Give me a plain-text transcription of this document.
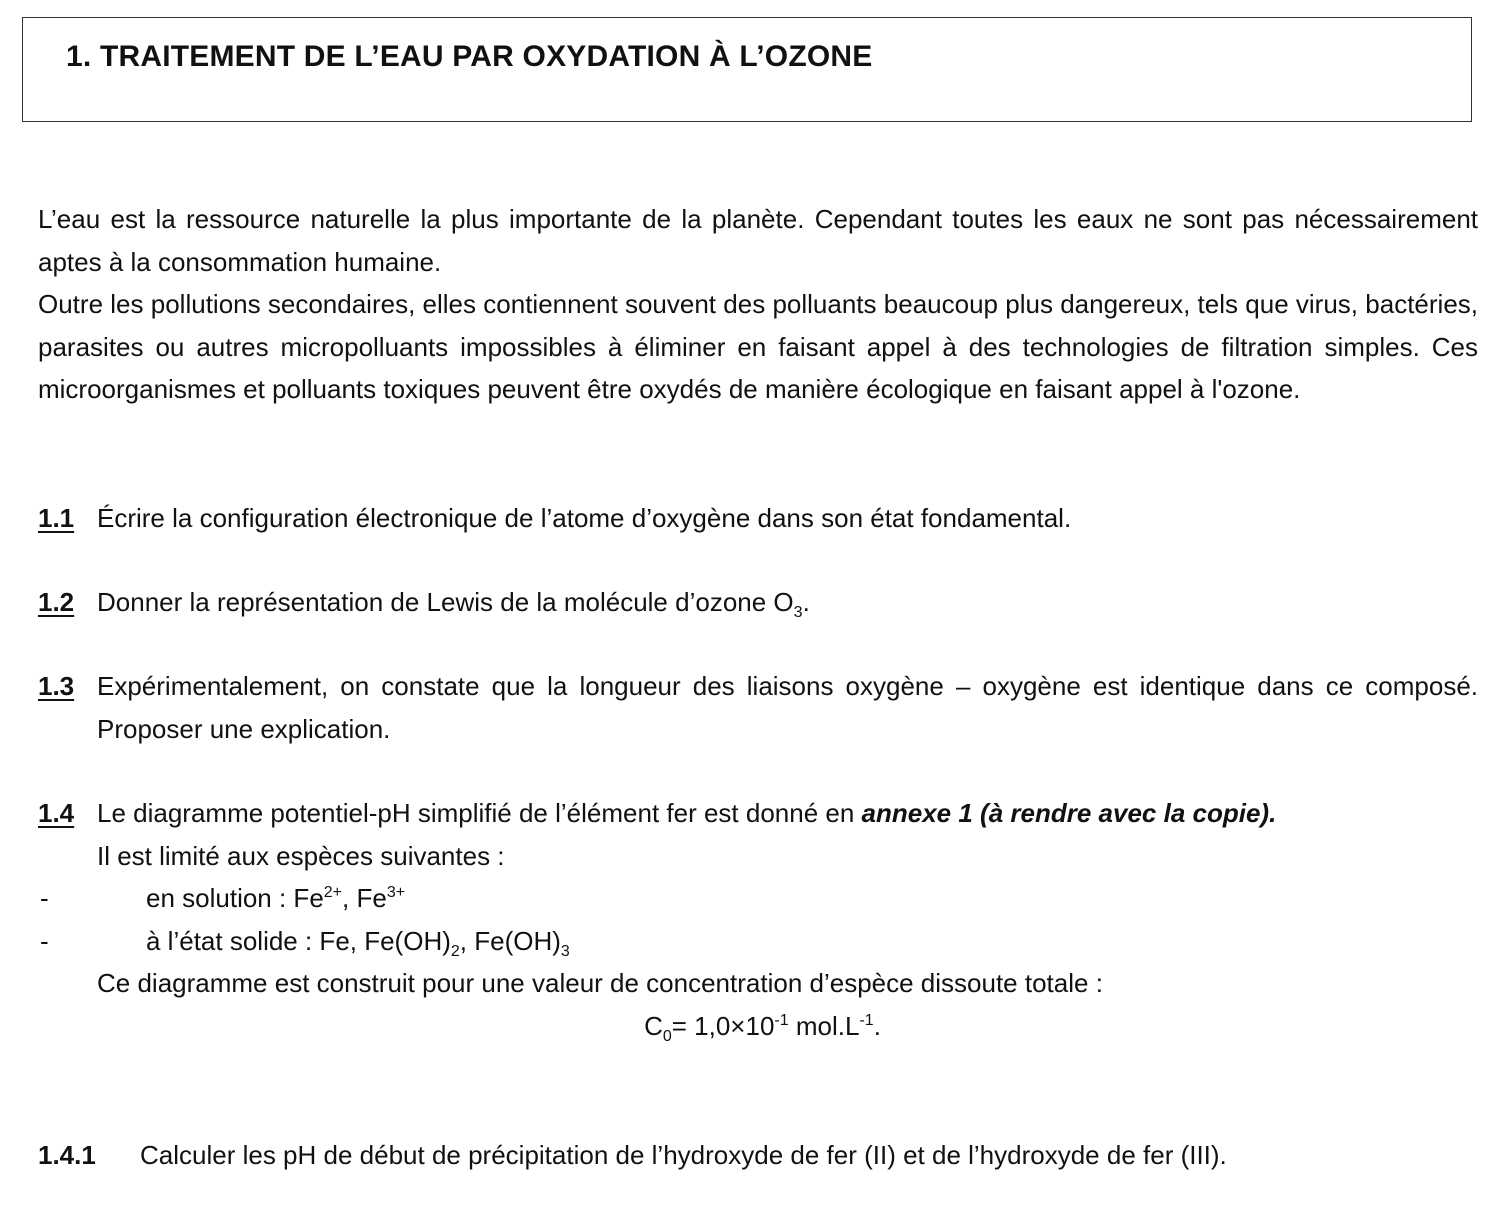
1. TRAITEMENT DE L’EAU PAR OXYDATION À L’OZONE

L’eau est la ressource naturelle la plus importante de la planète. Cependant toutes les eaux ne sont pas nécessairement aptes à la consommation humaine.

Outre les pollutions secondaires, elles contiennent souvent des polluants beaucoup plus dangereux, tels que virus, bactéries, parasites ou autres micropolluants impossibles à éliminer en faisant appel à des technologies de filtration simples. Ces microorganismes et polluants toxiques peuvent être oxydés de manière écologique en faisant appel à l'ozone.

1.1 Écrire la configuration électronique de l’atome d’oxygène dans son état fondamental.
1.2 Donner la représentation de Lewis de la molécule d’ozone $O_3$.
1.3 Expérimentalement, on constate que la longueur des liaisons oxygène – oxygène est identique dans ce composé. Proposer une explication.
1.4 Le diagramme potentiel-pH simplifié de l’élément fer est donné en annexe 1 (à rendre avec la copie).
Il est limité aux espèces suivantes :
-	en solution : $Fe^{2+}$, $Fe^{3+}$
-	à l’état solide : Fe, $Fe(OH)_2$, $Fe(OH)_3$
Ce diagramme est construit pour une valeur de concentration d’espèce dissoute totale :
$C_0= 1,0\times 10^{-1}$ $mol.L^{-1}$.
1.4.1 Calculer les pH de début de précipitation de l’hydroxyde de fer (II) et de l’hydroxyde de fer (III).
